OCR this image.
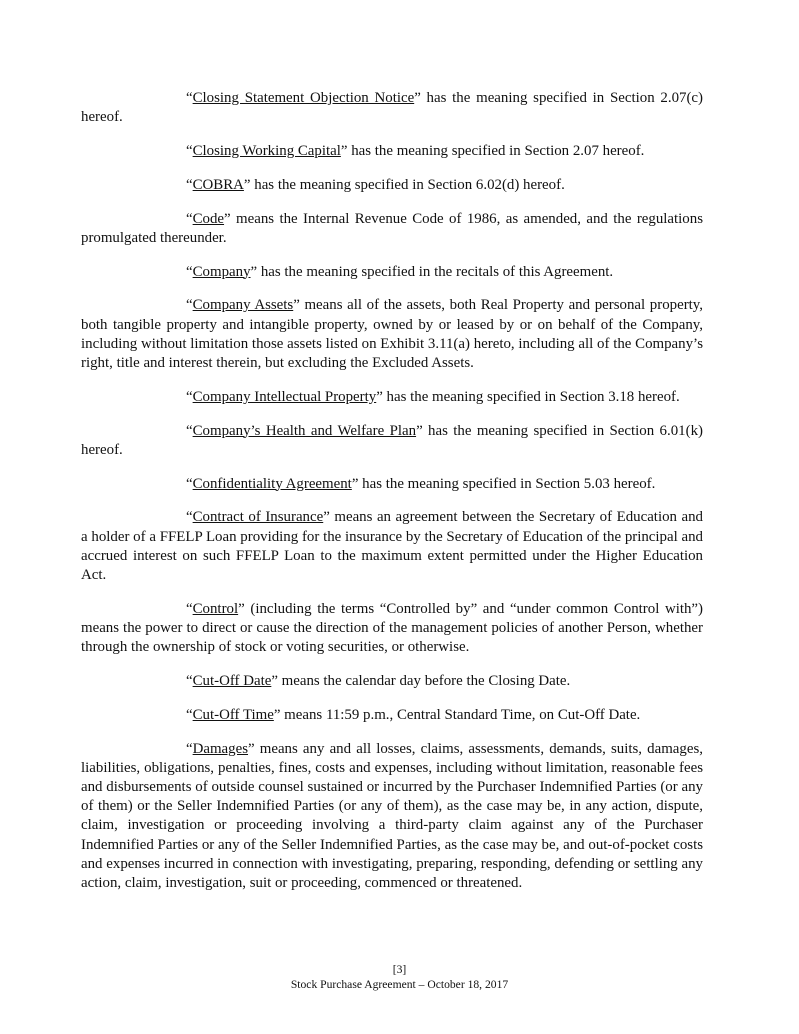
“Closing Statement Objection Notice” has the meaning specified in Section 2.07(c) hereof.

“Closing Working Capital” has the meaning specified in Section 2.07 hereof.

“COBRA” has the meaning specified in Section 6.02(d) hereof.

“Code” means the Internal Revenue Code of 1986, as amended, and the regulations promulgated thereunder.

“Company” has the meaning specified in the recitals of this Agreement.

“Company Assets” means all of the assets, both Real Property and personal property, both tangible property and intangible property, owned by or leased by or on behalf of the Company, including without limitation those assets listed on Exhibit 3.11(a) hereto, including all of the Company’s right, title and interest therein, but excluding the Excluded Assets.

“Company Intellectual Property” has the meaning specified in Section 3.18 hereof.

“Company’s Health and Welfare Plan” has the meaning specified in Section 6.01(k) hereof.

“Confidentiality Agreement” has the meaning specified in Section 5.03 hereof.

“Contract of Insurance” means an agreement between the Secretary of Education and a holder of a FFELP Loan providing for the insurance by the Secretary of Education of the principal and accrued interest on such FFELP Loan to the maximum extent permitted under the Higher Education Act.

“Control” (including the terms “Controlled by” and “under common Control with”) means the power to direct or cause the direction of the management policies of another Person, whether through the ownership of stock or voting securities, or otherwise.

“Cut-Off Date” means the calendar day before the Closing Date.

“Cut-Off Time” means 11:59 p.m., Central Standard Time, on Cut-Off Date.

“Damages” means any and all losses, claims, assessments, demands, suits, damages, liabilities, obligations, penalties, fines, costs and expenses, including without limitation, reasonable fees and disbursements of outside counsel sustained or incurred by the Purchaser Indemnified Parties (or any of them) or the Seller Indemnified Parties (or any of them), as the case may be, in any action, dispute, claim, investigation or proceeding involving a third-party claim against any of the Purchaser Indemnified Parties or any of the Seller Indemnified Parties, as the case may be, and out-of-pocket costs and expenses incurred in connection with investigating, preparing, responding, defending or settling any action, claim, investigation, suit or proceeding, commenced or threatened.

[3]
Stock Purchase Agreement – October 18, 2017
